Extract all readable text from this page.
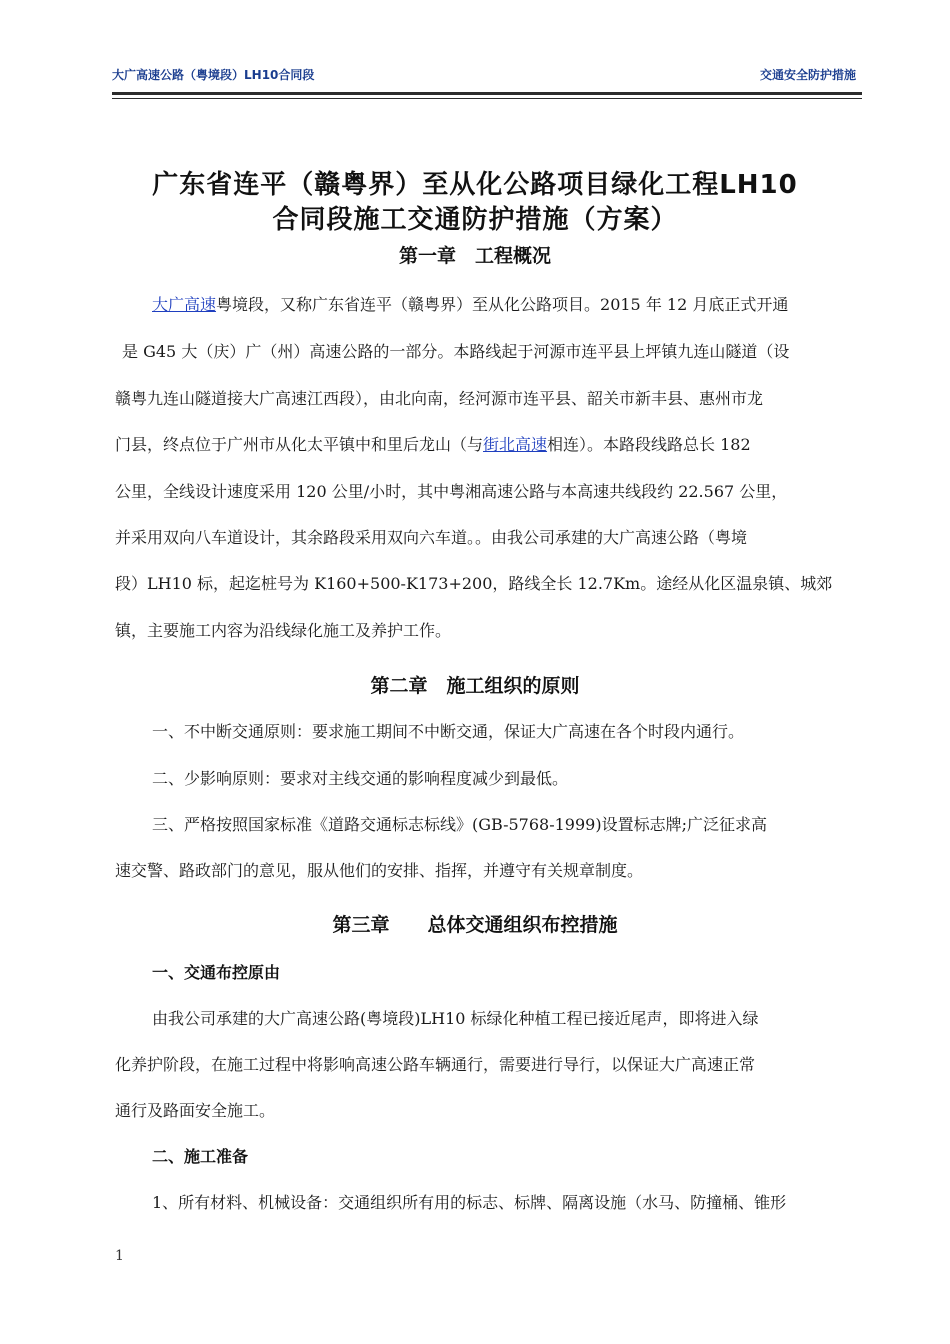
大广高速公路（粤境段）LH10合同段	交通安全防护措施
广东省连平（赣粤界）至从化公路项目绿化工程LH10
合同段施工交通防护措施（方案）
第一章　工程概况
大广高速粤境段，又称广东省连平（赣粤界）至从化公路项目。2015 年 12 月底正式开通
是 G45 大（庆）广（州）高速公路的一部分。本路线起于河源市连平县上坪镇九连山隧道（设
赣粤九连山隧道接大广高速江西段），由北向南，经河源市连平县、韶关市新丰县、惠州市龙
门县，终点位于广州市从化太平镇中和里后龙山（与街北高速相连）。本路段线路总长 182
公里，全线设计速度采用 120 公里/小时，其中粤湘高速公路与本高速共线段约 22.567 公里，
并采用双向八车道设计，其余路段采用双向六车道。。由我公司承建的大广高速公路（粤境
段）LH10 标，起迄桩号为 K160+500-K173+200，路线全长 12.7Km。途经从化区温泉镇、城郊
镇，主要施工内容为沿线绿化施工及养护工作。
第二章　施工组织的原则
一、不中断交通原则：要求施工期间不中断交通，保证大广高速在各个时段内通行。
二、少影响原则：要求对主线交通的影响程度减少到最低。
三、严格按照国家标准《道路交通标志标线》(GB-5768-1999)设置标志牌;广泛征求高
速交警、路政部门的意见，服从他们的安排、指挥，并遵守有关规章制度。
第三章　　总体交通组织布控措施
一、交通布控原由
由我公司承建的大广高速公路(粤境段)LH10 标绿化种植工程已接近尾声，即将进入绿
化养护阶段，在施工过程中将影响高速公路车辆通行，需要进行导行，以保证大广高速正常
通行及路面安全施工。
二、施工准备
1、所有材料、机械设备：交通组织所有用的标志、标牌、隔离设施（水马、防撞桶、锥形
1
